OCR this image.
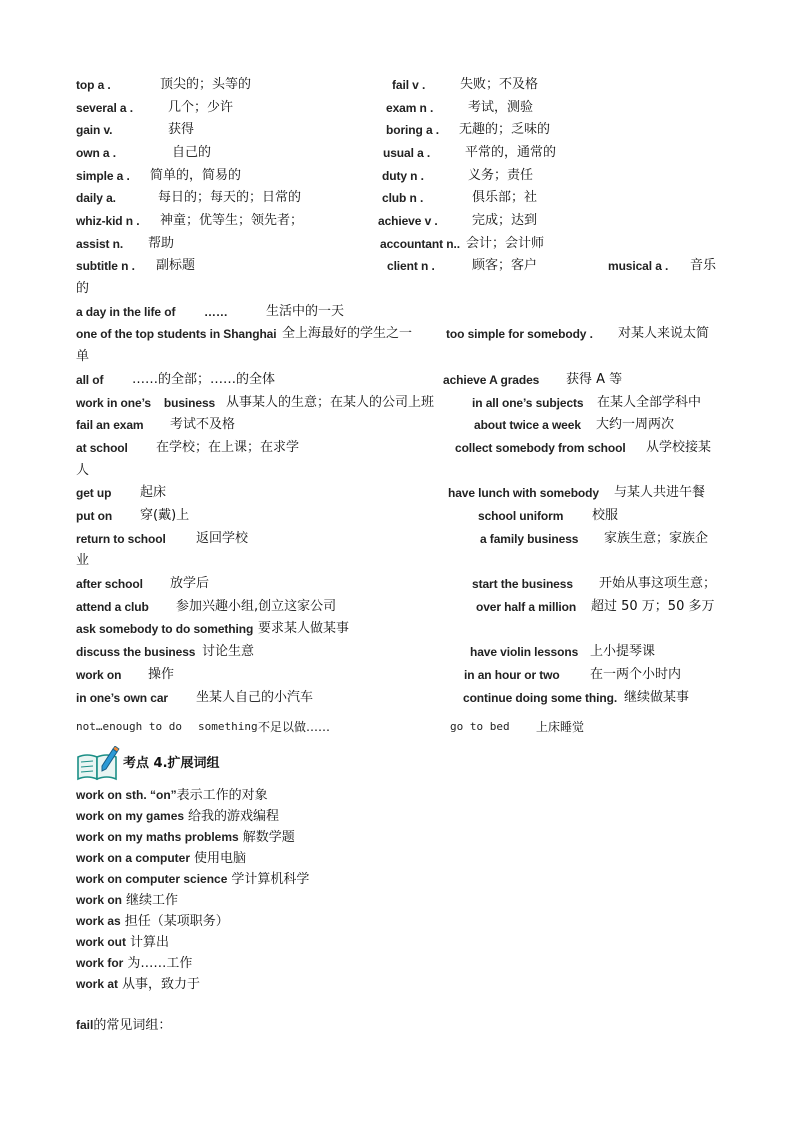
top a .	顶尖的；头等的	fail v .	失败；不及格
several a .	几个；少许	exam n .	考试，测验
gain v.	获得	boring a . 无趣的；乏味的
own a .	自己的	usual a .	平常的，通常的
simple a . 简单的，简易的	duty n .	义务；责任
daily a.	每日的；每天的；日常的	club n .	俱乐部；社
whiz-kid n . 神童；优等生；领先者；	achieve v .	完成；达到
assist n. 帮助	accountant n.. 会计；会计师
subtitle n . 副标题	client n .	顾客；客户	musical a . 音乐
的
a day in the life of ……	生活中的一天
one of the top students in Shanghai 全上海最好的学生之一	too simple for somebody . 对某人来说太简
单
all of ……的全部；……的全体	achieve A grades 获得 A 等
work in one’s    business 从事某人的生意；在某人的公司上班	in all one’s subjects 在某人全部学科中
fail an exam 考试不及格	about twice a week 大约一周两次
at school 在学校；在上课；在求学	collect somebody from school 从学校接某
人
get up 起床	have lunch with somebody 与某人共进午餐
put on 穿(戴)上	school uniform 校服
return to school 返回学校	a family business 家族生意；家族企
业
after school 放学后	start the business 开始从事这项生意；
attend a club 参加兴趣小组,创立这家公司	over half a million 超过 50 万；50 多万
ask somebody to do something 要求某人做某事
discuss the business 讨论生意	have violin lessons 上小提琴课
work on 操作	in an hour or two 在一两个小时内
in one’s own car 坐某人自己的小汽车	continue doing some thing. 继续做某事
not…enough to do something 不足以做……	go to bed 上床睡觉
考点 4.扩展词组
work on sth. “on”表示工作的对象
work on my games 给我的游戏编程
work on my maths problems 解数学题
work on a computer 使用电脑
work on computer science 学计算机科学
work on 继续工作
work as 担任（某项职务）
work out 计算出
work for 为……工作
work at 从事，致力于
fail的常见词组：
